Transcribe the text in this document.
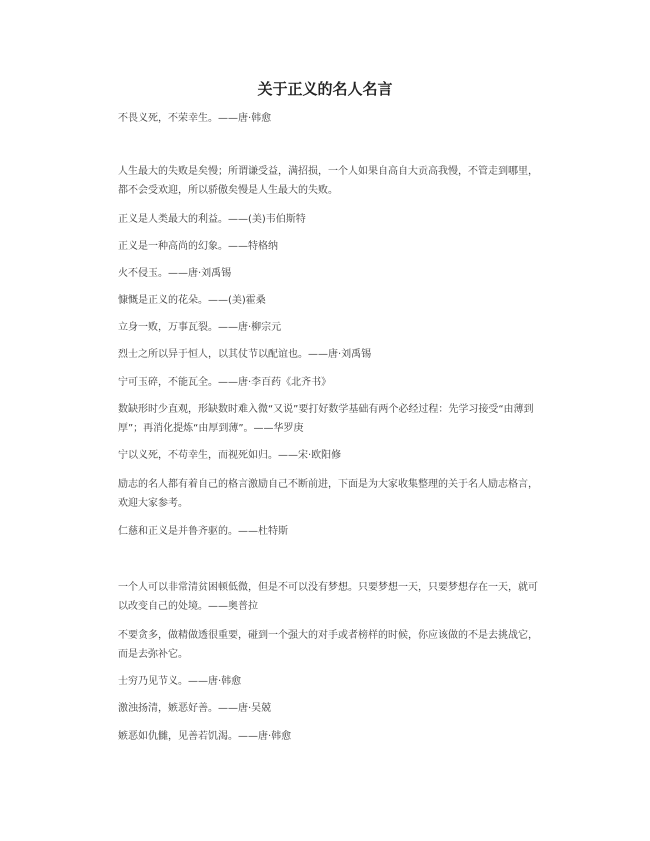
关于正义的名人名言

不畏义死，不荣幸生。——唐·韩愈

人生最大的失败是矣慢；所谓谦受益，满招损，一个人如果自高自大贡高我慢，不管走到哪里，都不会受欢迎，所以骄傲矣慢是人生最大的失败。

正义是人类最大的利益。——(美)韦伯斯特

正义是一种高尚的幻象。——特格纳

火不侵玉。——唐·刘禹锡

慷慨是正义的花朵。——(美)霍桑

立身一败，万事瓦裂。——唐·柳宗元

烈士之所以异于恒人，以其仗节以配谊也。——唐·刘禹锡

宁可玉碎，不能瓦全。——唐·李百药《北齐书》

数缺形时少直观，形缺数时难入微“又说”要打好数学基础有两个必经过程：先学习接受“由薄到厚”；再消化提炼“由厚到薄”。——华罗庚

宁以义死，不苟幸生，而视死如归。——宋·欧阳修

励志的名人都有着自己的格言激励自己不断前进，下面是为大家收集整理的关于名人励志格言，欢迎大家参考。

仁慈和正义是并鲁齐驱的。——杜特斯

一个人可以非常清贫困顿低微，但是不可以没有梦想。只要梦想一天，只要梦想存在一天，就可以改变自己的处境。——奥普拉

不要贪多，做精做透很重要，碰到一个强大的对手或者榜样的时候，你应该做的不是去挑战它，而是去弥补它。

士穷乃见节义。——唐·韩愈

激浊扬清，嫉恶好善。——唐·吴兢

嫉恶如仇雠，见善若饥渴。——唐·韩愈
